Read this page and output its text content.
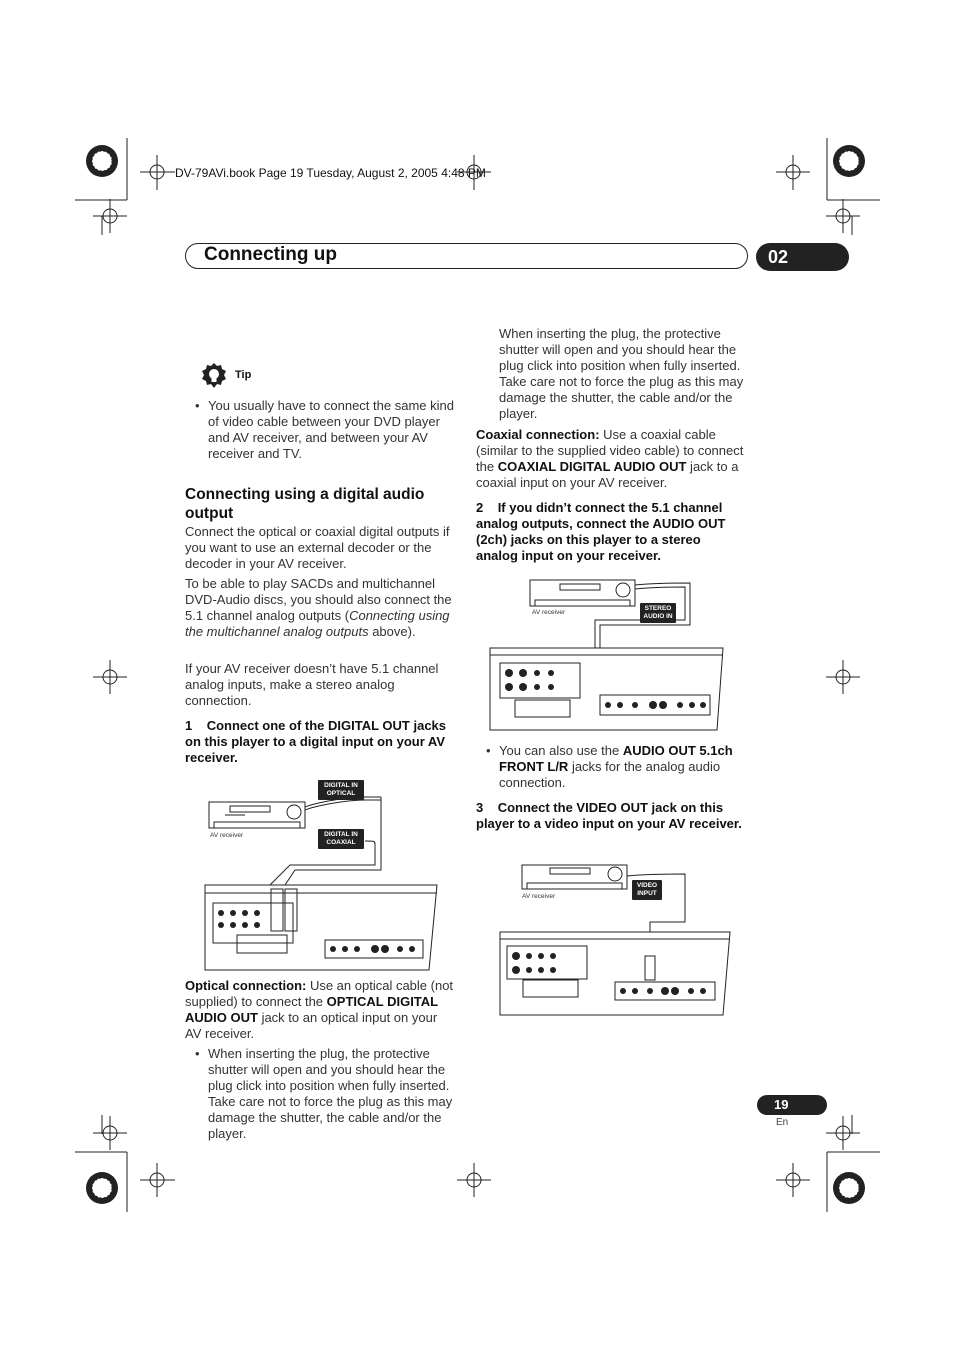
DV-79AVi.book Page 19 Tuesday, August 2, 2005 4:48 PM
Connecting up	02
Tip
• You usually have to connect the same kind of video cable between your DVD player and AV receiver, and between your AV receiver and TV.
Connecting using a digital audio output
Connect the optical or coaxial digital outputs if you want to use an external decoder or the decoder in your AV receiver.
To be able to play SACDs and multichannel DVD-Audio discs, you should also connect the 5.1 channel analog outputs (Connecting using the multichannel analog outputs above).
If your AV receiver doesn’t have 5.1 channel analog inputs, make a stereo analog connection.
1 Connect one of the DIGITAL OUT jacks on this player to a digital input on your AV receiver.
AV receiver
DIGITAL IN
OPTICAL
DIGITAL IN
COAXIAL
Optical connection: Use an optical cable (not supplied) to connect the OPTICAL DIGITAL AUDIO OUT jack to an optical input on your AV receiver.
• When inserting the plug, the protective shutter will open and you should hear the plug click into position when fully inserted. Take care not to force the plug as this may damage the shutter, the cable and/or the player.
When inserting the plug, the protective shutter will open and you should hear the plug click into position when fully inserted. Take care not to force the plug as this may damage the shutter, the cable and/or the player.
Coaxial connection: Use a coaxial cable (similar to the supplied video cable) to connect the COAXIAL DIGITAL AUDIO OUT jack to a coaxial input on your AV receiver.
2 If you didn’t connect the 5.1 channel analog outputs, connect the AUDIO OUT (2ch) jacks on this player to a stereo analog input on your receiver.
AV receiver
STEREO
AUDIO IN
• You can also use the AUDIO OUT 5.1ch FRONT L/R jacks for the analog audio connection.
3 Connect the VIDEO OUT jack on this player to a video input on your AV receiver.
AV receiver
VIDEO
INPUT
19
En
